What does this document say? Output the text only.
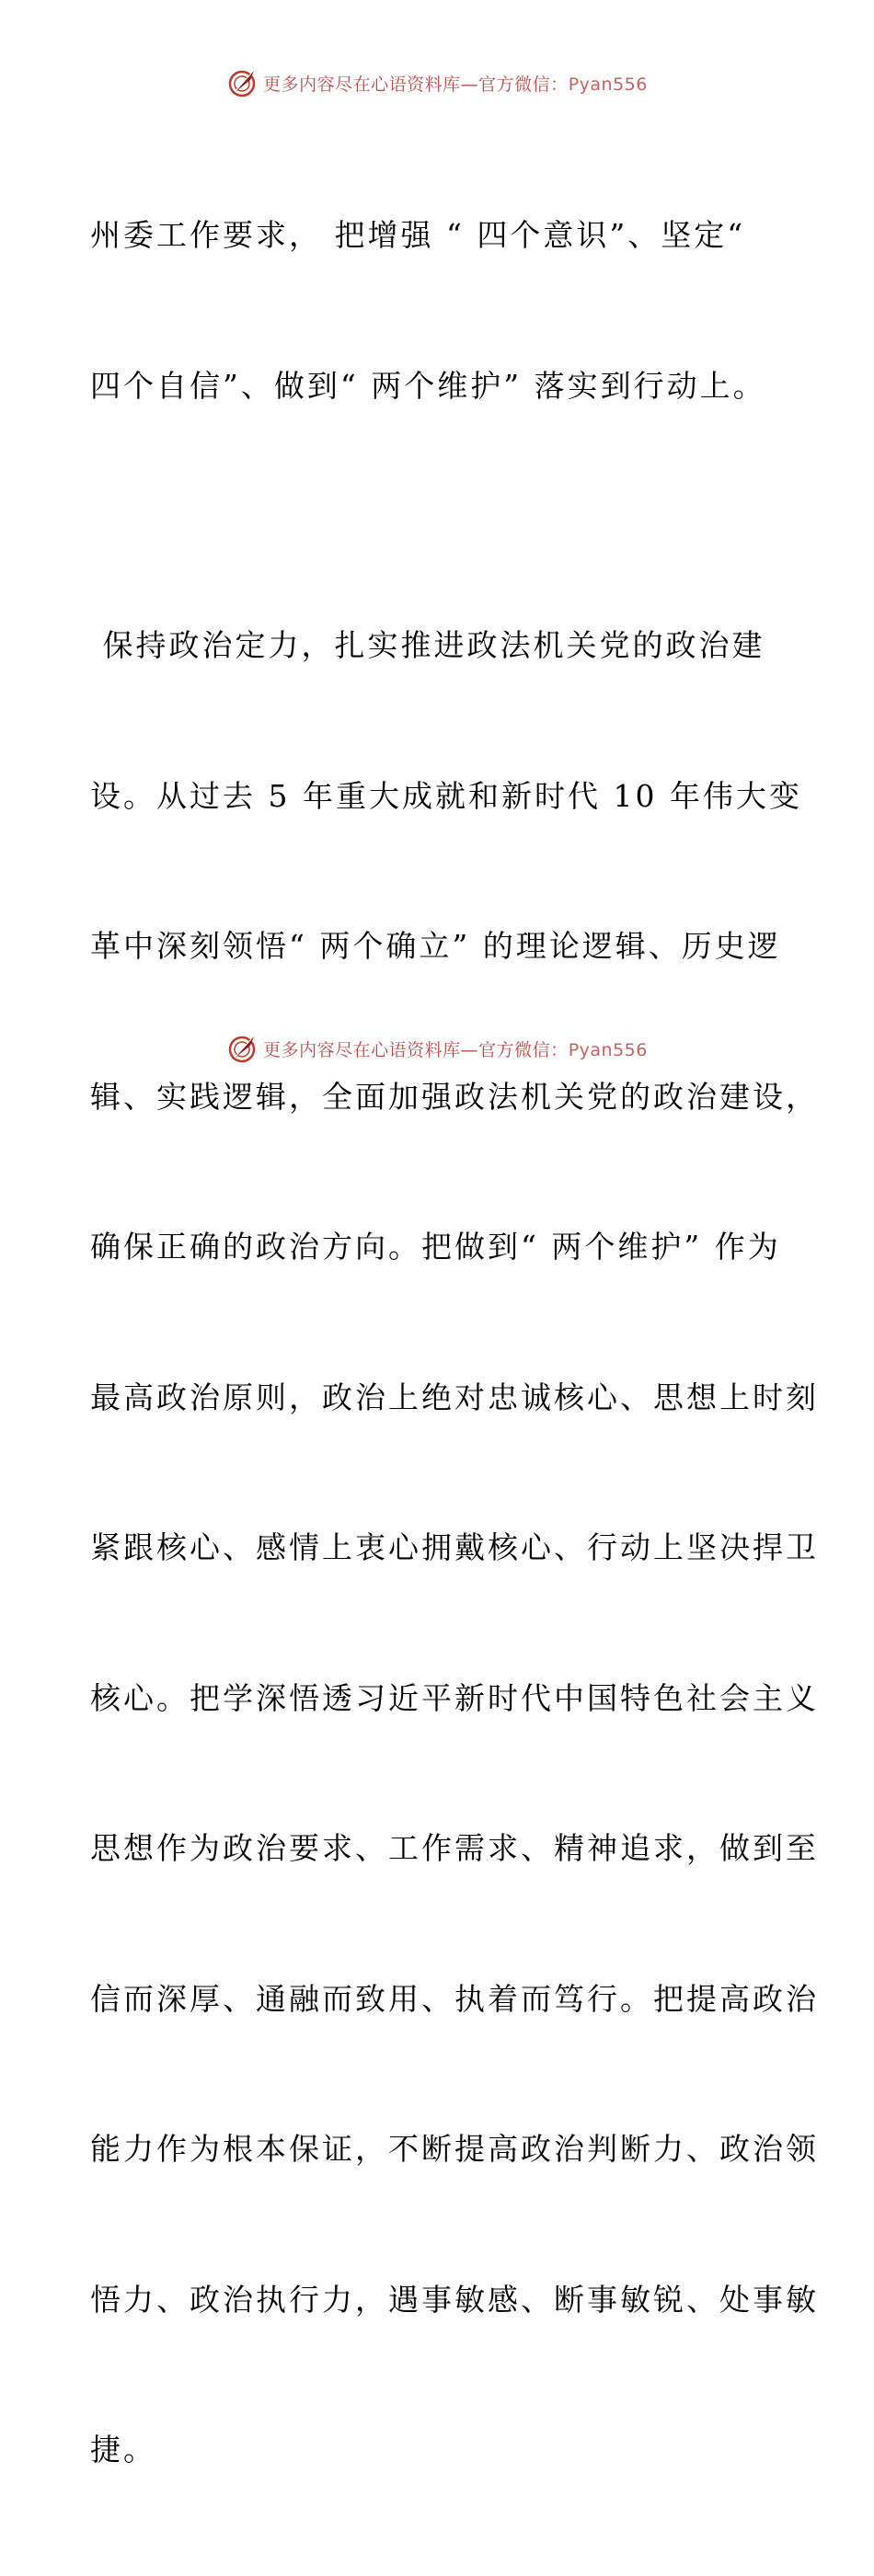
更多内容尽在心语资料库—官方微信：Pyan556

州委工作要求， 把增强 “ 四个意识”、坚定“

四个自信”、做到“ 两个维护” 落实到行动上。

保持政治定力，扎实推进政法机关党的政治建

设。从过去 5 年重大成就和新时代 10 年伟大变

革中深刻领悟“ 两个确立” 的理论逻辑、历史逻

辑、实践逻辑，全面加强政法机关党的政治建设，

确保正确的政治方向。把做到“ 两个维护” 作为

最高政治原则，政治上绝对忠诚核心、思想上时刻

紧跟核心、感情上衷心拥戴核心、行动上坚决捍卫

核心。把学深悟透习近平新时代中国特色社会主义

思想作为政治要求、工作需求、精神追求，做到至

信而深厚、通融而致用、执着而笃行。把提高政治

能力作为根本保证，不断提高政治判断力、政治领

悟力、政治执行力，遇事敏感、断事敏锐、处事敏

捷。

更多内容尽在心语资料库—官方微信：Pyan556
